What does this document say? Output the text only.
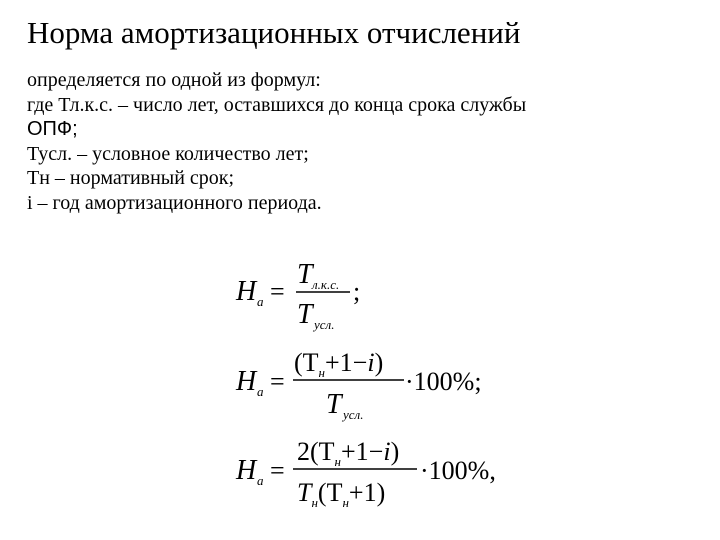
Норма амортизационных отчислений
определяется по одной из формул:
где Тл.к.с. – число лет, оставшихся до конца срока службы
ОПФ;
Тусл. – условное количество лет;
Тн – нормативный срок;
i – год амортизационного периода.
H a =
T л.к.с.
T усл.
;
H a =
$(T_н+1-i)$
T усл.
·100%;
H a =
$2(T_н+1-i)$
$T_н(T_н+1)$
·100%,
